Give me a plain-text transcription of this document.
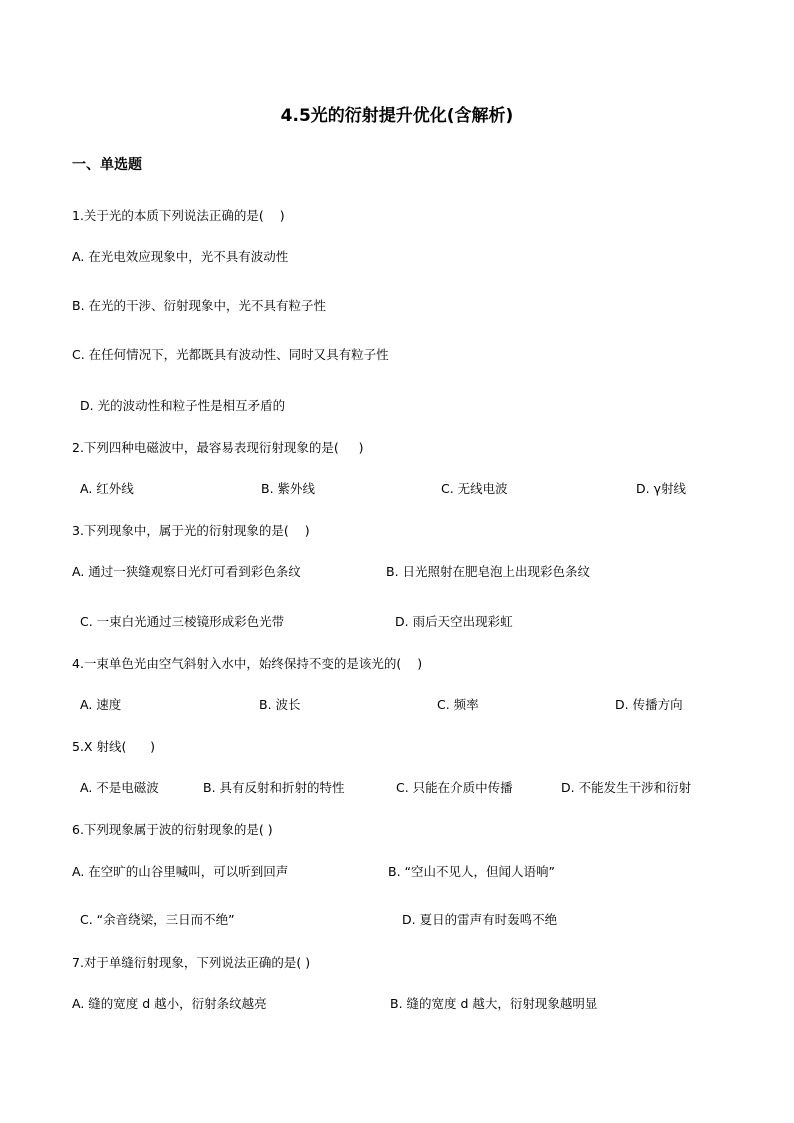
4.5光的衍射提升优化(含解析)
一、单选题
1.关于光的本质下列说法正确的是(    )
A. 在光电效应现象中，光不具有波动性
B. 在光的干涉、衍射现象中，光不具有粒子性
C. 在任何情况下，光都既具有波动性、同时又具有粒子性
D. 光的波动性和粒子性是相互矛盾的
2.下列四种电磁波中，最容易表现衍射现象的是(     )
A. 红外线	B. 紫外线	C. 无线电波	D. γ射线
3.下列现象中，属于光的衍射现象的是(    )
A. 通过一狭缝观察日光灯可看到彩色条纹	B. 日光照射在肥皂泡上出现彩色条纹
C. 一束白光通过三棱镜形成彩色光带	D. 雨后天空出现彩虹
4.一束单色光由空气斜射入水中，始终保持不变的是该光的(    )
A. 速度	B. 波长	C. 频率	D. 传播方向
5.X 射线(      )
A. 不是电磁波	B. 具有反射和折射的特性	C. 只能在介质中传播	D. 不能发生干涉和衍射
6.下列现象属于波的衍射现象的是( )
A. 在空旷的山谷里喊叫，可以听到回声	B. “空山不见人，但闻人语响”
C. “余音绕梁，三日而不绝”	D. 夏日的雷声有时轰鸣不绝
7.对于单缝衍射现象，下列说法正确的是( )
A. 缝的宽度 d 越小，衍射条纹越亮	B. 缝的宽度 d 越大，衍射现象越明显
